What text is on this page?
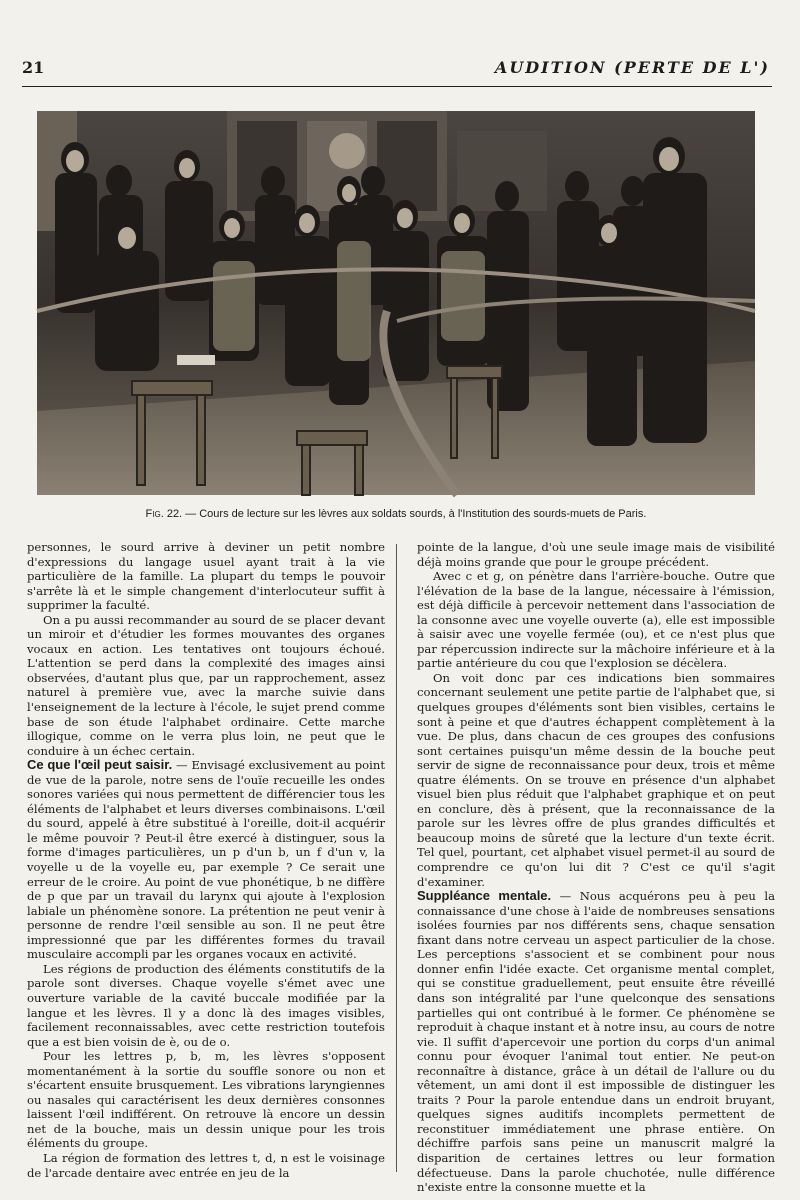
21	AUDITION (PERTE DE L')
Fig. 22. — Cours de lecture sur les lèvres aux soldats sourds, à l'Institution des sourds-muets de Paris.

personnes, le sourd arrive à deviner un petit nombre d'expressions du langage usuel ayant trait à la vie particulière de la famille. La plupart du temps le pouvoir s'arrête là et le simple changement d'interlocuteur suffit à supprimer la faculté.

On a pu aussi recommander au sourd de se placer devant un miroir et d'étudier les formes mouvantes des organes vocaux en action. Les tentatives ont toujours échoué. L'attention se perd dans la complexité des images ainsi observées, d'autant plus que, par un rapprochement, assez naturel à première vue, avec la marche suivie dans l'enseignement de la lecture à l'école, le sujet prend comme base de son étude l'alphabet ordinaire. Cette marche illogique, comme on le verra plus loin, ne peut que le conduire à un échec certain.

Ce que l'œil peut saisir. — Envisagé exclusivement au point de vue de la parole, notre sens de l'ouïe recueille les ondes sonores variées qui nous permettent de différencier tous les éléments de l'alphabet et leurs diverses combinaisons. L'œil du sourd, appelé à être substitué à l'oreille, doit-il acquérir le même pouvoir ? Peut-il être exercé à distinguer, sous la forme d'images particulières, un p d'un b, un f d'un v, la voyelle u de la voyelle eu, par exemple ? Ce serait une erreur de le croire. Au point de vue phonétique, b ne diffère de p que par un travail du larynx qui ajoute à l'explosion labiale un phénomène sonore. La prétention ne peut venir à personne de rendre l'œil sensible au son. Il ne peut être impressionné que par les différentes formes du travail musculaire accompli par les organes vocaux en activité.

Les régions de production des éléments constitutifs de la parole sont diverses. Chaque voyelle s'émet avec une ouverture variable de la cavité buccale modifiée par la langue et les lèvres. Il y a donc là des images visibles, facilement reconnaissables, avec cette restriction toutefois que a est bien voisin de è, ou de o.

Pour les lettres p, b, m, les lèvres s'opposent momentanément à la sortie du souffle sonore ou non et s'écartent ensuite brusquement. Les vibrations laryngiennes ou nasales qui caractérisent les deux dernières consonnes laissent l'œil indifférent. On retrouve là encore un dessin net de la bouche, mais un dessin unique pour les trois éléments du groupe.

La région de formation des lettres t, d, n est le voisinage de l'arcade dentaire avec entrée en jeu de la

pointe de la langue, d'où une seule image mais de visibilité déjà moins grande que pour le groupe précédent.

Avec c et g, on pénètre dans l'arrière-bouche. Outre que l'élévation de la base de la langue, nécessaire à l'émission, est déjà difficile à percevoir nettement dans l'association de la consonne avec une voyelle ouverte (a), elle est impossible à saisir avec une voyelle fermée (ou), et ce n'est plus que par répercussion indirecte sur la mâchoire inférieure et à la partie antérieure du cou que l'explosion se décèlera.

On voit donc par ces indications bien sommaires concernant seulement une petite partie de l'alphabet que, si quelques groupes d'éléments sont bien visibles, certains le sont à peine et que d'autres échappent complètement à la vue. De plus, dans chacun de ces groupes des confusions sont certaines puisqu'un même dessin de la bouche peut servir de signe de reconnaissance pour deux, trois et même quatre éléments. On se trouve en présence d'un alphabet visuel bien plus réduit que l'alphabet graphique et on peut en conclure, dès à présent, que la reconnaissance de la parole sur les lèvres offre de plus grandes difficultés et beaucoup moins de sûreté que la lecture d'un texte écrit. Tel quel, pourtant, cet alphabet visuel permet-il au sourd de comprendre ce qu'on lui dit ? C'est ce qu'il s'agit d'examiner.

Suppléance mentale. — Nous acquérons peu à peu la connaissance d'une chose à l'aide de nombreuses sensations isolées fournies par nos différents sens, chaque sensation fixant dans notre cerveau un aspect particulier de la chose. Les perceptions s'associent et se combinent pour nous donner enfin l'idée exacte. Cet organisme mental complet, qui se constitue graduellement, peut ensuite être réveillé dans son intégralité par l'une quelconque des sensations partielles qui ont contribué à le former. Ce phénomène se reproduit à chaque instant et à notre insu, au cours de notre vie. Il suffit d'apercevoir une portion du corps d'un animal connu pour évoquer l'animal tout entier. Ne peut-on reconnaître à distance, grâce à un détail de l'allure ou du vêtement, un ami dont il est impossible de distinguer les traits ? Pour la parole entendue dans un endroit bruyant, quelques signes auditifs incomplets permettent de reconstituer immédiatement une phrase entière. On déchiffre parfois sans peine un manuscrit malgré la disparition de certaines lettres ou leur formation défectueuse. Dans la parole chuchotée, nulle différence n'existe entre la consonne muette et la
